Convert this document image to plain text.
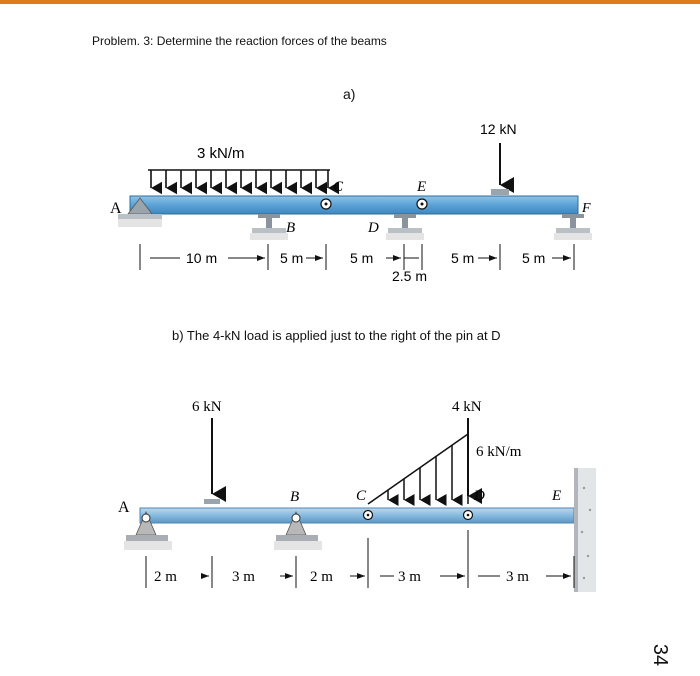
Problem. 3: Determine the reaction forces of the beams
a)
b) The 4-kN load is applied just to the right of the pin at D
3 kN/m
12 kN
A
B
C
D
E
F
10 m	5 m	5 m
2.5 m
5 m	5 m
6 kN	4 kN
6 kN/m
A
B	C	D	E
2 m	3 m	2 m	3 m	3 m
34
